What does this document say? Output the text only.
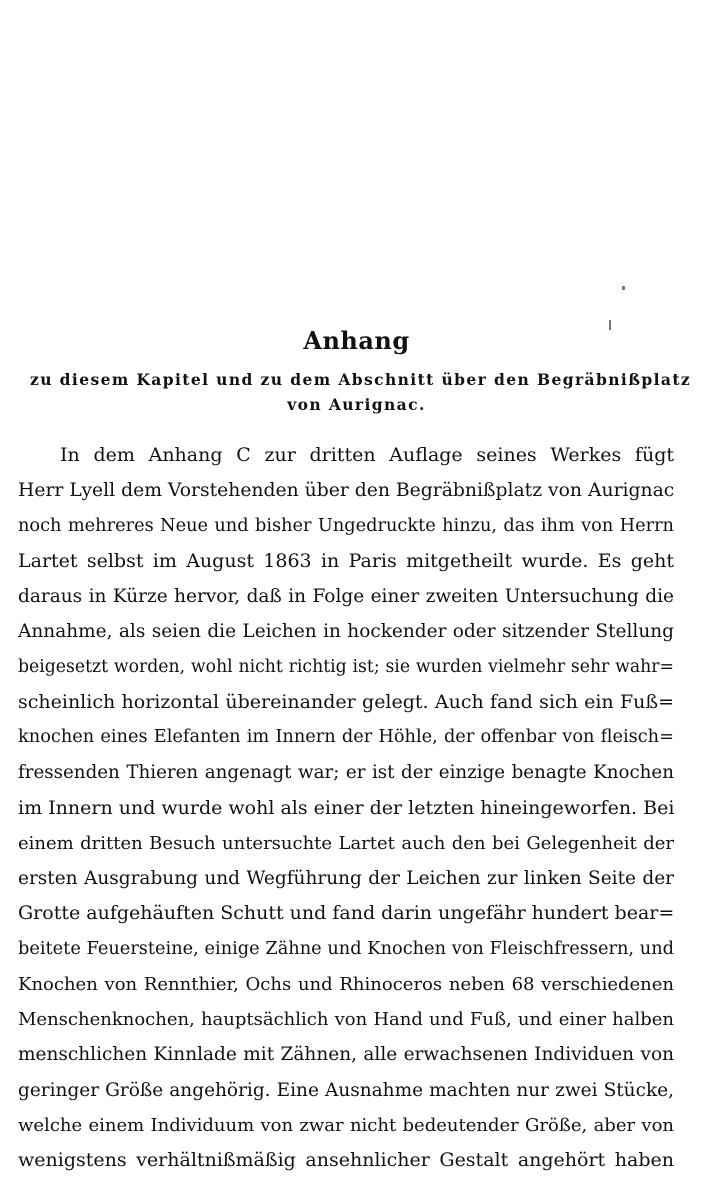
Anhang
zu diesem Kapitel und zu dem Abschnitt über den Begräbnißplatz
von Aurignac.
In dem Anhang C zur dritten Auflage seines Werkes fügt
Herr Lyell dem Vorstehenden über den Begräbnißplatz von Aurignac
noch mehreres Neue und bisher Ungedruckte hinzu, das ihm von Herrn
Lartet selbst im August 1863 in Paris mitgetheilt wurde. Es geht
daraus in Kürze hervor, daß in Folge einer zweiten Untersuchung die
Annahme, als seien die Leichen in hockender oder sitzender Stellung
beigesetzt worden, wohl nicht richtig ist; sie wurden vielmehr sehr wahr=
scheinlich horizontal übereinander gelegt. Auch fand sich ein Fuß=
knochen eines Elefanten im Innern der Höhle, der offenbar von fleisch=
fressenden Thieren angenagt war; er ist der einzige benagte Knochen
im Innern und wurde wohl als einer der letzten hineingeworfen. Bei
einem dritten Besuch untersuchte Lartet auch den bei Gelegenheit der
ersten Ausgrabung und Wegführung der Leichen zur linken Seite der
Grotte aufgehäuften Schutt und fand darin ungefähr hundert bear=
beitete Feuersteine, einige Zähne und Knochen von Fleischfressern, und
Knochen von Rennthier, Ochs und Rhinoceros neben 68 verschiedenen
Menschenknochen, hauptsächlich von Hand und Fuß, und einer halben
menschlichen Kinnlade mit Zähnen, alle erwachsenen Individuen von
geringer Größe angehörig. Eine Ausnahme machten nur zwei Stücke,
welche einem Individuum von zwar nicht bedeutender Größe, aber von
wenigstens verhältnißmäßig ansehnlicher Gestalt angehört haben
